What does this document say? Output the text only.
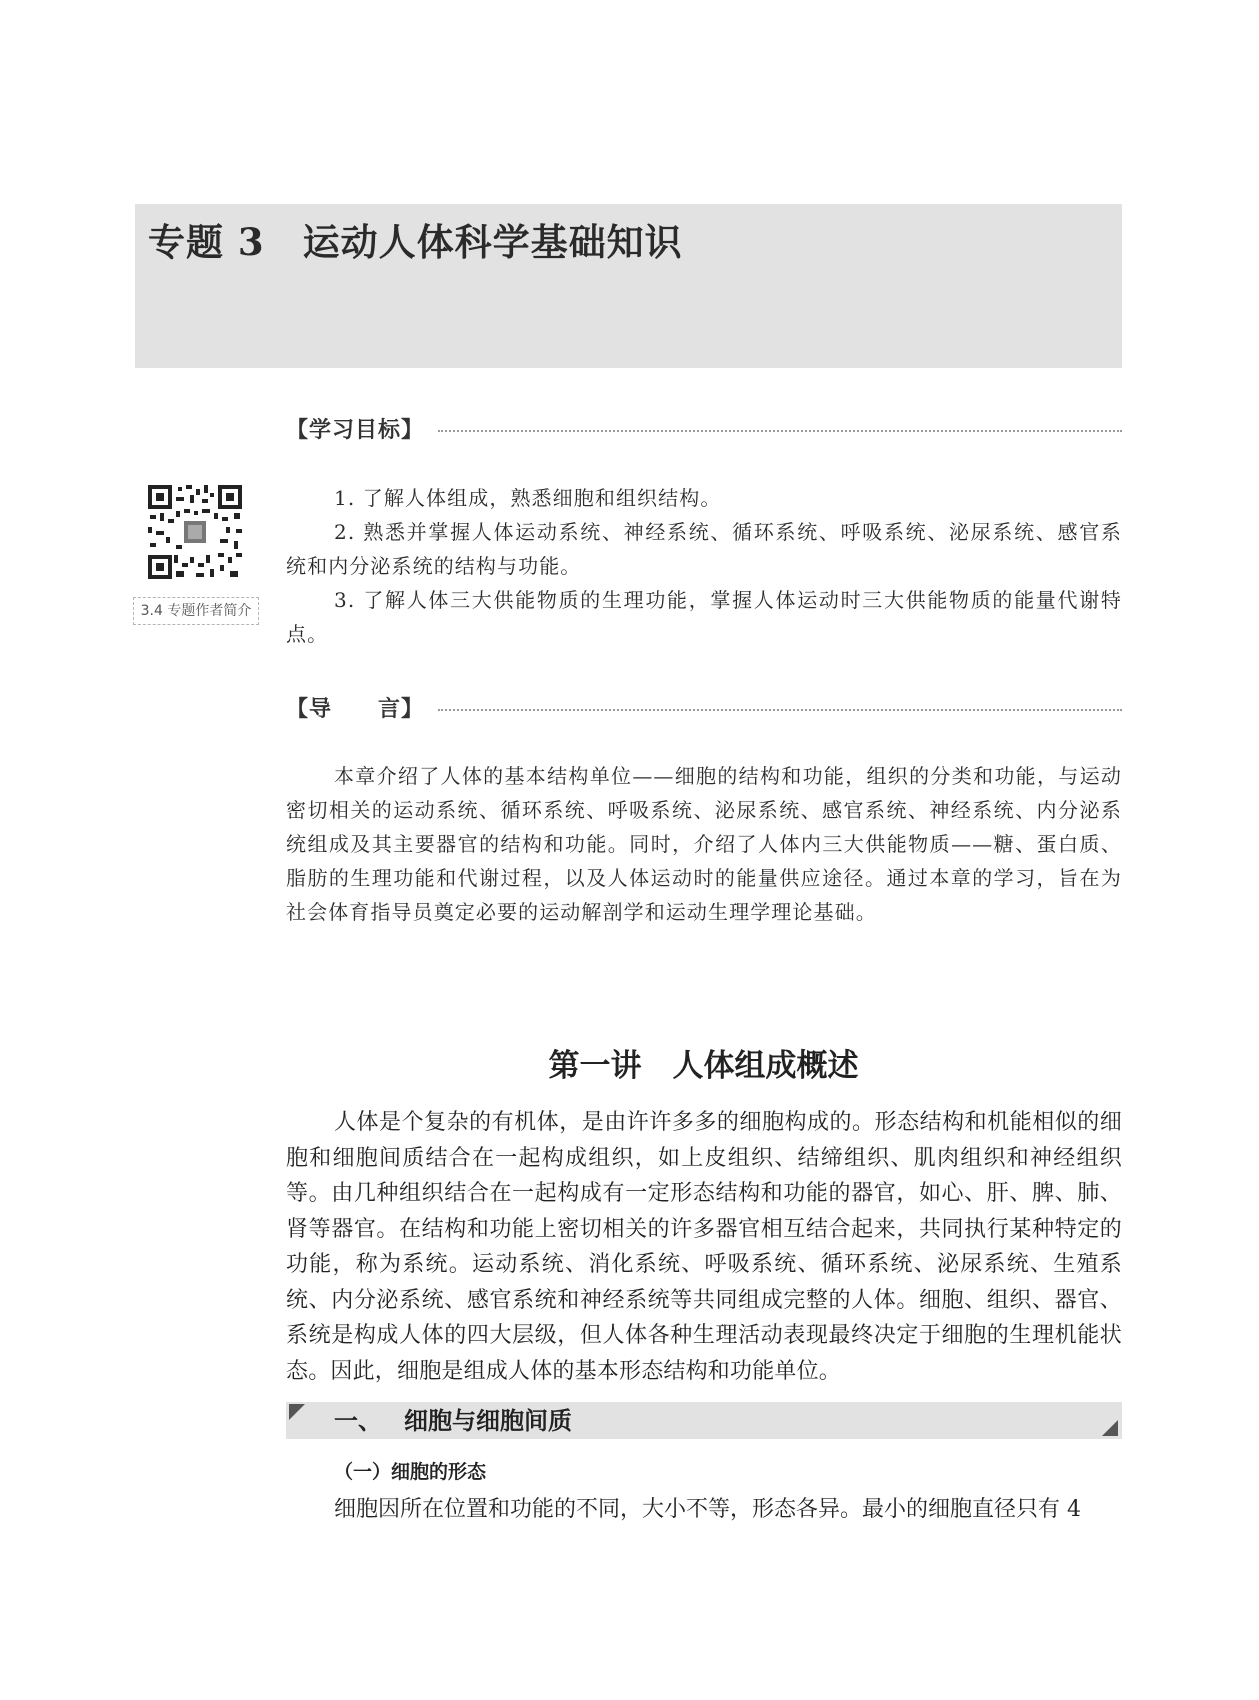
专题 3 运动人体科学基础知识
【学习目标】
3.4 专题作者简介

1. 了解人体组成，熟悉细胞和组织结构。

2. 熟悉并掌握人体运动系统、神经系统、循环系统、呼吸系统、泌尿系统、感官系统和内分泌系统的结构与功能。

3. 了解人体三大供能物质的生理功能，掌握人体运动时三大供能物质的能量代谢特点。

【导　　言】

本章介绍了人体的基本结构单位——细胞的结构和功能，组织的分类和功能，与运动密切相关的运动系统、循环系统、呼吸系统、泌尿系统、感官系统、神经系统、内分泌系统组成及其主要器官的结构和功能。同时，介绍了人体内三大供能物质——糖、蛋白质、脂肪的生理功能和代谢过程，以及人体运动时的能量供应途径。通过本章的学习，旨在为社会体育指导员奠定必要的运动解剖学和运动生理学理论基础。

第一讲　人体组成概述

人体是个复杂的有机体，是由许许多多的细胞构成的。形态结构和机能相似的细胞和细胞间质结合在一起构成组织，如上皮组织、结缔组织、肌肉组织和神经组织等。由几种组织结合在一起构成有一定形态结构和功能的器官，如心、肝、脾、肺、肾等器官。在结构和功能上密切相关的许多器官相互结合起来，共同执行某种特定的功能，称为系统。运动系统、消化系统、呼吸系统、循环系统、泌尿系统、生殖系统、内分泌系统、感官系统和神经系统等共同组成完整的人体。细胞、组织、器官、系统是构成人体的四大层级，但人体各种生理活动表现最终决定于细胞的生理机能状态。因此，细胞是组成人体的基本形态结构和功能单位。

一、 细胞与细胞间质
（一）细胞的形态

细胞因所在位置和功能的不同，大小不等，形态各异。最小的细胞直径只有 4
